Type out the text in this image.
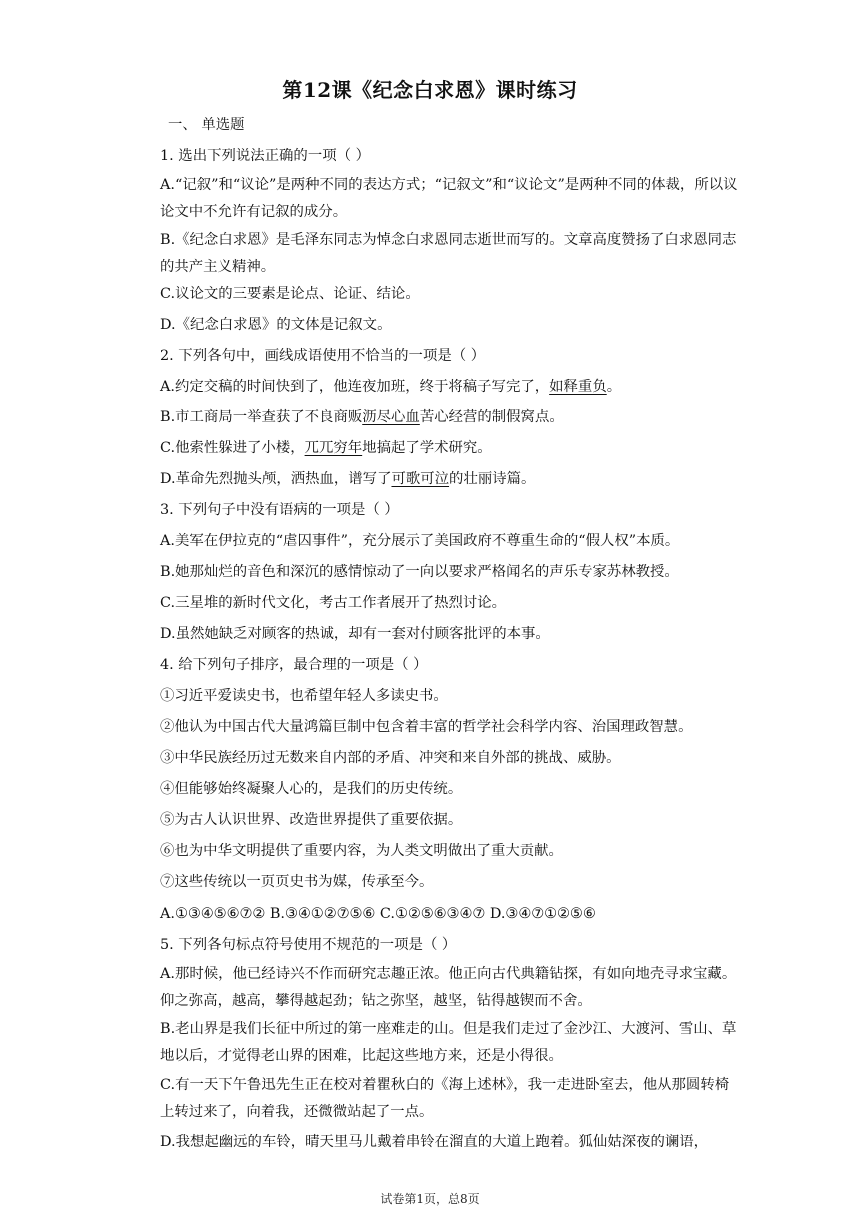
第12课《纪念白求恩》课时练习
一、 单选题
1. 选出下列说法正确的一项（ ）
A.“记叙”和“议论”是两种不同的表达方式；“记叙文”和“议论文”是两种不同的体裁，所以议论文中不允许有记叙的成分。
B.《纪念白求恩》是毛泽东同志为悼念白求恩同志逝世而写的。文章高度赞扬了白求恩同志的共产主义精神。
C.议论文的三要素是论点、论证、结论。
D.《纪念白求恩》的文体是记叙文。
2. 下列各句中，画线成语使用不恰当的一项是（ ）
A.约定交稿的时间快到了，他连夜加班，终于将稿子写完了，如释重负。
B.市工商局一举查获了不良商贩沥尽心血苦心经营的制假窝点。
C.他索性躲进了小楼，兀兀穷年地搞起了学术研究。
D.革命先烈抛头颅，洒热血，谱写了可歌可泣的壮丽诗篇。
3. 下列句子中没有语病的一项是（ ）
A.美军在伊拉克的“虐囚事件”，充分展示了美国政府不尊重生命的“假人权”本质。
B.她那灿烂的音色和深沉的感情惊动了一向以要求严格闻名的声乐专家苏林教授。
C.三星堆的新时代文化，考古工作者展开了热烈讨论。
D.虽然她缺乏对顾客的热诚，却有一套对付顾客批评的本事。
4. 给下列句子排序，最合理的一项是（ ）
①习近平爱读史书，也希望年轻人多读史书。
②他认为中国古代大量鸿篇巨制中包含着丰富的哲学社会科学内容、治国理政智慧。
③中华民族经历过无数来自内部的矛盾、冲突和来自外部的挑战、威胁。
④但能够始终凝聚人心的，是我们的历史传统。
⑤为古人认识世界、改造世界提供了重要依据。
⑥也为中华文明提供了重要内容，为人类文明做出了重大贡献。
⑦这些传统以一页页史书为媒，传承至今。
A.①③④⑤⑥⑦② B.③④①②⑦⑤⑥ C.①②⑤⑥③④⑦ D.③④⑦①②⑤⑥
5. 下列各句标点符号使用不规范的一项是（ ）
A.那时候，他已经诗兴不作而研究志趣正浓。他正向古代典籍钻探，有如向地壳寻求宝藏。仰之弥高，越高，攀得越起劲；钻之弥坚，越坚，钻得越锲而不舍。
B.老山界是我们长征中所过的第一座难走的山。但是我们走过了金沙江、大渡河、雪山、草地以后，才觉得老山界的困难，比起这些地方来，还是小得很。
C.有一天下午鲁迅先生正在校对着瞿秋白的《海上述林》，我一走进卧室去，他从那圆转椅上转过来了，向着我，还微微站起了一点。
D.我想起幽远的车铃，晴天里马儿戴着串铃在溜直的大道上跑着。狐仙姑深夜的谰语，
试卷第1页，总8页
